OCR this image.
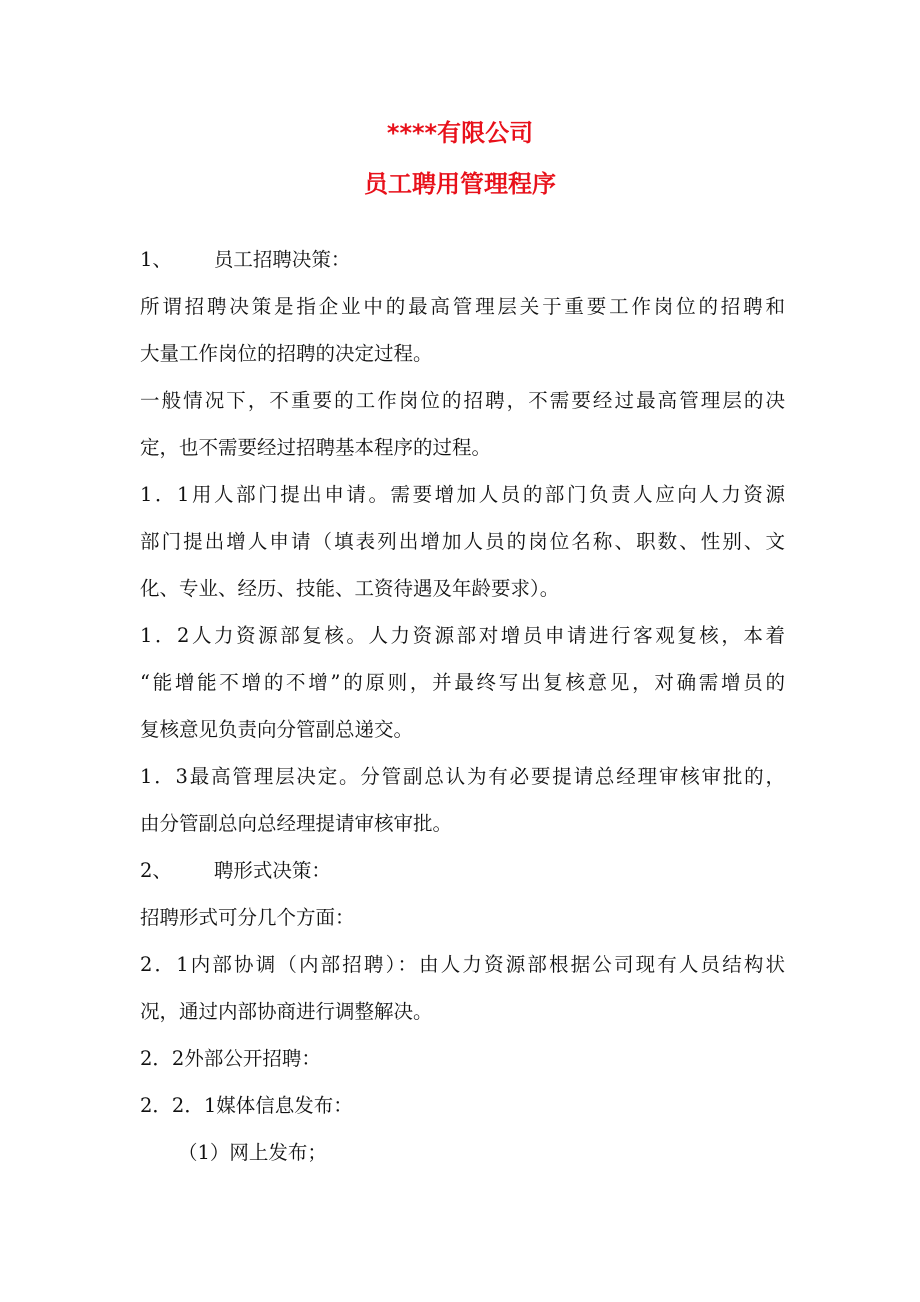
****有限公司
员工聘用管理程序
1、 员工招聘决策：
所谓招聘决策是指企业中的最高管理层关于重要工作岗位的招聘和
大量工作岗位的招聘的决定过程。
一般情况下，不重要的工作岗位的招聘，不需要经过最高管理层的决
定，也不需要经过招聘基本程序的过程。
1．1用人部门提出申请。需要增加人员的部门负责人应向人力资源
部门提出增人申请（填表列出增加人员的岗位名称、职数、性别、文
化、专业、经历、技能、工资待遇及年龄要求）。
1．2人力资源部复核。人力资源部对增员申请进行客观复核，本着
“能增能不增的不增”的原则，并最终写出复核意见，对确需增员的
复核意见负责向分管副总递交。
1．3最高管理层决定。分管副总认为有必要提请总经理审核审批的，
由分管副总向总经理提请审核审批。
2、 聘形式决策：
招聘形式可分几个方面：
2．1内部协调（内部招聘）：由人力资源部根据公司现有人员结构状
况，通过内部协商进行调整解决。
2．2外部公开招聘：
2．2．1媒体信息发布：
（1）网上发布；
